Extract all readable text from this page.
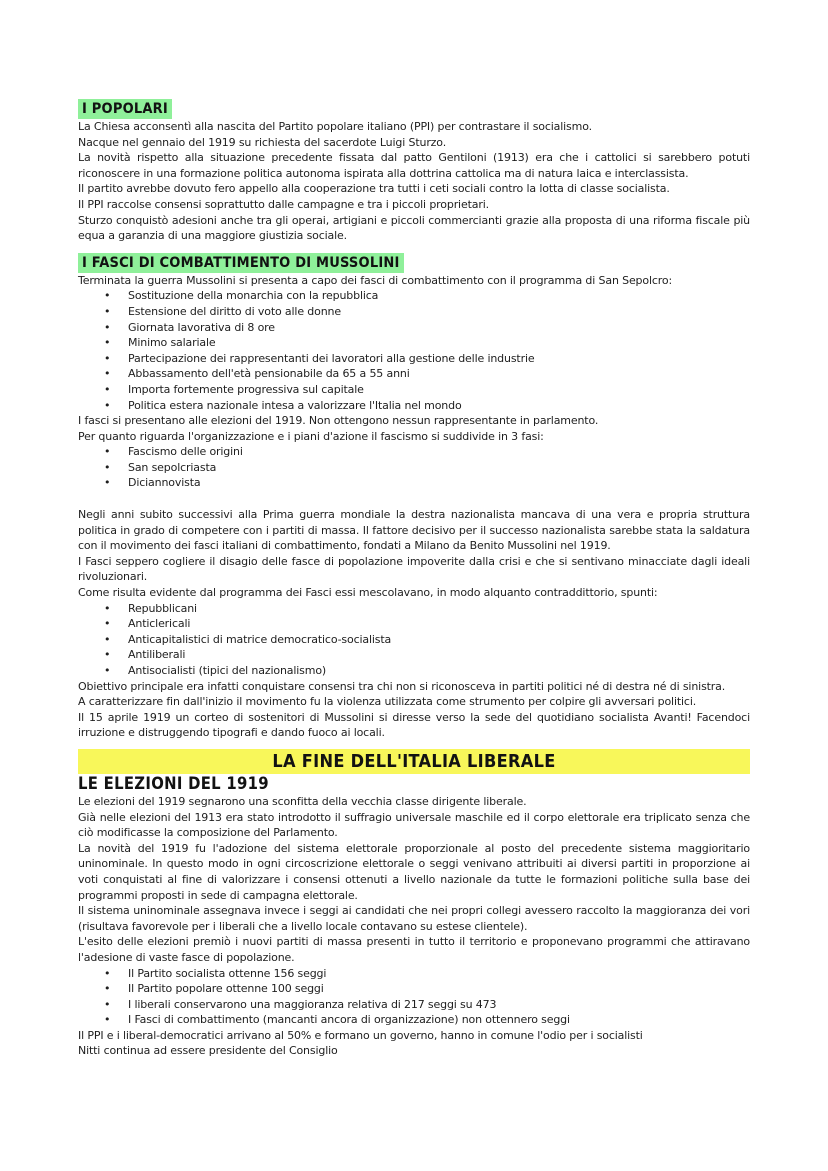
I POPOLARI

La Chiesa acconsentì alla nascita del Partito popolare italiano (PPI) per contrastare il socialismo.

Nacque nel gennaio del 1919 su richiesta del sacerdote Luigi Sturzo.

La novità rispetto alla situazione precedente fissata dal patto Gentiloni (1913) era che i cattolici si sarebbero potuti riconoscere in una formazione politica autonoma ispirata alla dottrina cattolica ma di natura laica e interclassista.

Il partito avrebbe dovuto fero appello alla cooperazione tra tutti i ceti sociali contro la lotta di classe socialista.

Il PPI raccolse consensi soprattutto dalle campagne e tra i piccoli proprietari.

Sturzo conquistò adesioni anche tra gli operai, artigiani e piccoli commercianti grazie alla proposta di una riforma fiscale più equa a garanzia di una maggiore giustizia sociale.

I FASCI DI COMBATTIMENTO DI MUSSOLINI

Terminata la guerra Mussolini si presenta a capo dei fasci di combattimento con il programma di San Sepolcro:

• Sostituzione della monarchia con la repubblica
• Estensione del diritto di voto alle donne
• Giornata lavorativa di 8 ore
• Minimo salariale
• Partecipazione dei rappresentanti dei lavoratori alla gestione delle industrie
• Abbassamento dell'età pensionabile da 65 a 55 anni
• Importa fortemente progressiva sul capitale
• Politica estera nazionale intesa a valorizzare l'Italia nel mondo

I fasci si presentano alle elezioni del 1919. Non ottengono nessun rappresentante in parlamento.

Per quanto riguarda l'organizzazione e i piani d'azione il fascismo si suddivide in 3 fasi:

• Fascismo delle origini
• San sepolcriasta
• Diciannovista

Negli anni subito successivi alla Prima guerra mondiale la destra nazionalista mancava di una vera e propria struttura politica in grado di competere con i partiti di massa. Il fattore decisivo per il successo nazionalista sarebbe stata la saldatura con il movimento dei fasci italiani di combattimento, fondati a Milano da Benito Mussolini nel 1919.

I Fasci seppero cogliere il disagio delle fasce di popolazione impoverite dalla crisi e che si sentivano minacciate dagli ideali rivoluzionari.

Come risulta evidente dal programma dei Fasci essi mescolavano, in modo alquanto contraddittorio, spunti:

• Repubblicani
• Anticlericali
• Anticapitalistici di matrice democratico-socialista
• Antiliberali
• Antisocialisti (tipici del nazionalismo)

Obiettivo principale era infatti conquistare consensi tra chi non si riconosceva in partiti politici né di destra né di sinistra.

A caratterizzare fin dall'inizio il movimento fu la violenza utilizzata come strumento per colpire gli avversari politici.

Il 15 aprile 1919 un corteo di sostenitori di Mussolini si diresse verso la sede del quotidiano socialista Avanti! Facendoci irruzione e distruggendo tipografi e dando fuoco ai locali.

LA FINE DELL'ITALIA LIBERALE
LE ELEZIONI DEL 1919

Le elezioni del 1919 segnarono una sconfitta della vecchia classe dirigente liberale.

Già nelle elezioni del 1913 era stato introdotto il suffragio universale maschile ed il corpo elettorale era triplicato senza che ciò modificasse la composizione del Parlamento.

La novità del 1919 fu l'adozione del sistema elettorale proporzionale al posto del precedente sistema maggioritario uninominale. In questo modo in ogni circoscrizione elettorale o seggi venivano attribuiti ai diversi partiti in proporzione ai voti conquistati al fine di valorizzare i consensi ottenuti a livello nazionale da tutte le formazioni politiche sulla base dei programmi proposti in sede di campagna elettorale.

Il sistema uninominale assegnava invece i seggi ai candidati che nei propri collegi avessero raccolto la maggioranza dei vori (risultava favorevole per i liberali che a livello locale contavano su estese clientele).

L'esito delle elezioni premiò i nuovi partiti di massa presenti in tutto il territorio e proponevano programmi che attiravano l'adesione di vaste fasce di popolazione.

• Il Partito socialista ottenne 156 seggi
• Il Partito popolare ottenne 100 seggi
• I liberali conservarono una maggioranza relativa di 217 seggi su 473
• I Fasci di combattimento (mancanti ancora di organizzazione) non ottennero seggi

Il PPI e i liberal-democratici arrivano al 50% e formano un governo, hanno in comune l'odio per i socialisti

Nitti continua ad essere presidente del Consiglio
